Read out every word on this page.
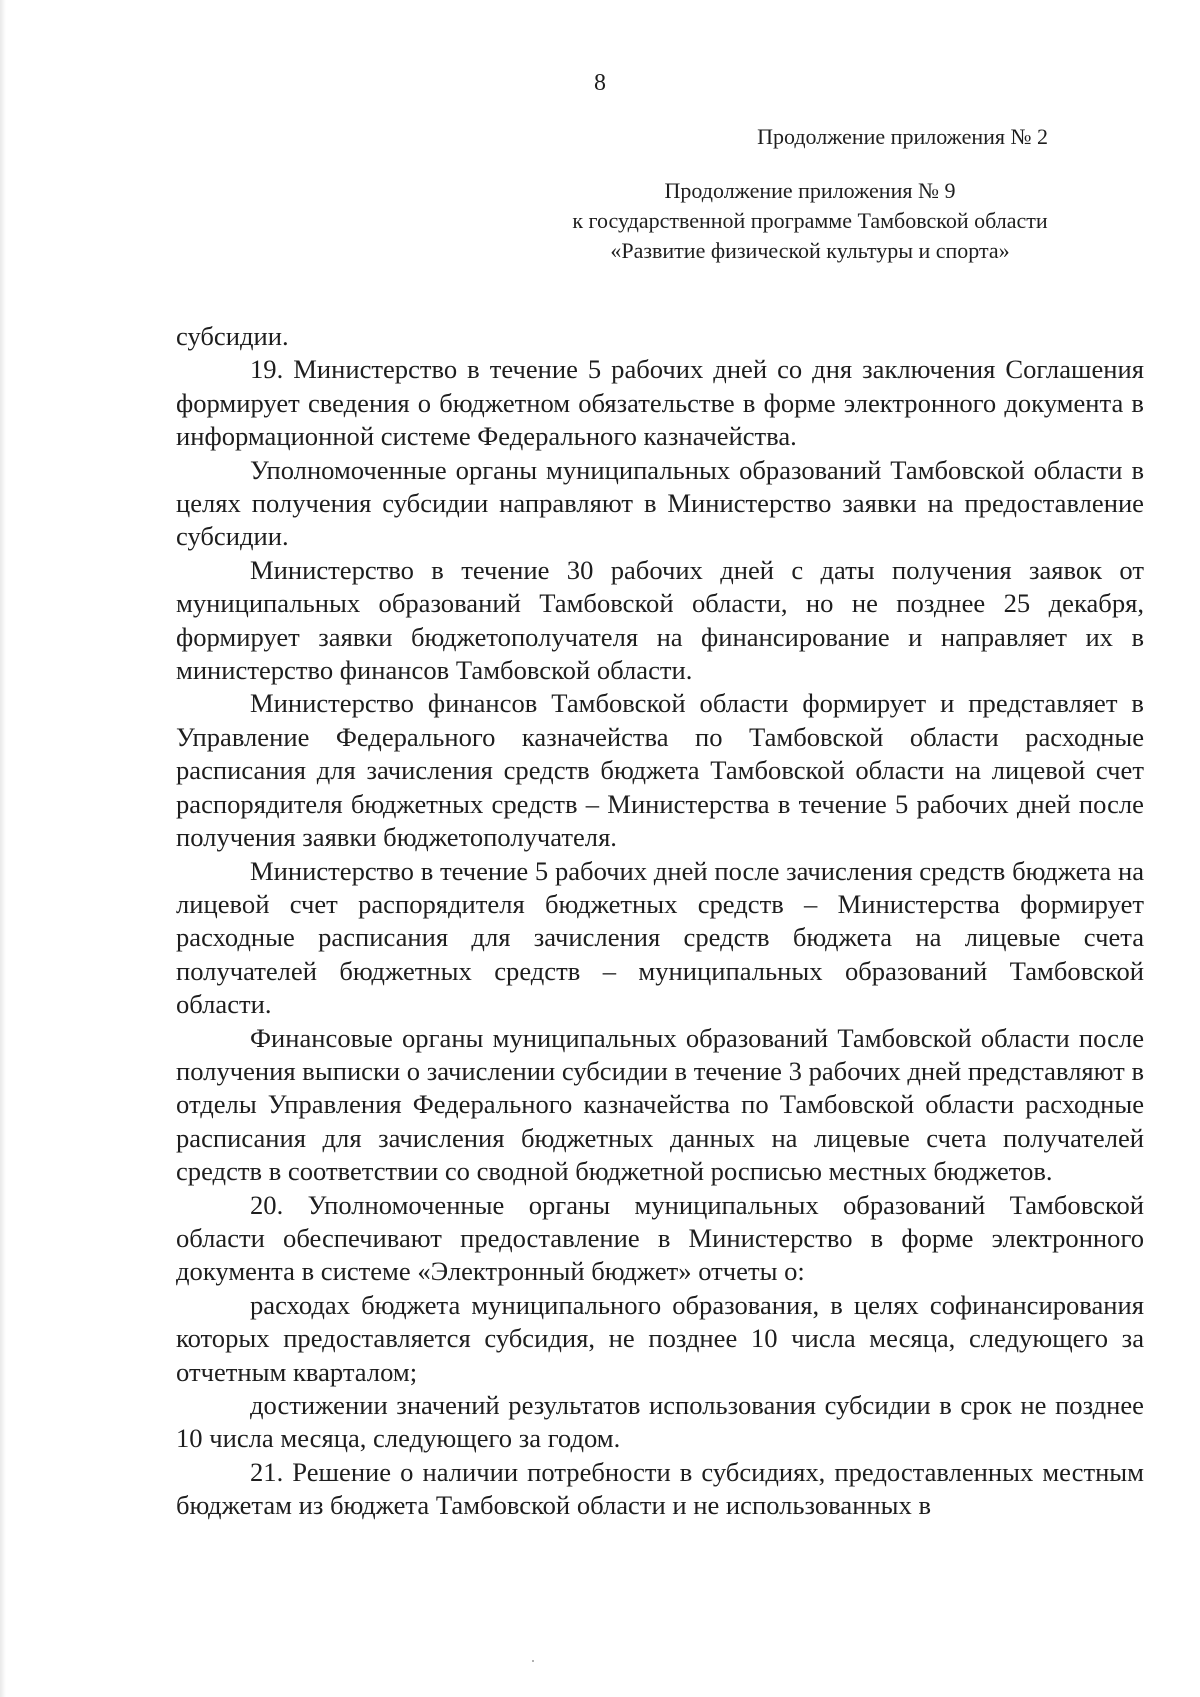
8
Продолжение приложения № 2
Продолжение приложения № 9
к государственной программе Тамбовской области
«Развитие физической культуры и спорта»

субсидии.

19. Министерство в течение 5 рабочих дней со дня заключения Соглашения формирует сведения о бюджетном обязательстве в форме электронного документа в информационной системе Федерального казначейства.

Уполномоченные органы муниципальных образований Тамбовской области в целях получения субсидии направляют в Министерство заявки на предоставление субсидии.

Министерство в течение 30 рабочих дней с даты получения заявок от муниципальных образований Тамбовской области, но не позднее 25 декабря, формирует заявки бюджетополучателя на финансирование и направляет их в министерство финансов Тамбовской области.

Министерство финансов Тамбовской области формирует и представляет в Управление Федерального казначейства по Тамбовской области расходные расписания для зачисления средств бюджета Тамбовской области на лицевой счет распорядителя бюджетных средств – Министерства в течение 5 рабочих дней после получения заявки бюджетополучателя.

Министерство в течение 5 рабочих дней после зачисления средств бюджета на лицевой счет распорядителя бюджетных средств – Министерства формирует расходные расписания для зачисления средств бюджета на лицевые счета получателей бюджетных средств – муниципальных образований Тамбовской области.

Финансовые органы муниципальных образований Тамбовской области после получения выписки о зачислении субсидии в течение 3 рабочих дней представляют в отделы Управления Федерального казначейства по Тамбовской области расходные расписания для зачисления бюджетных данных на лицевые счета получателей средств в соответствии со сводной бюджетной росписью местных бюджетов.

20. Уполномоченные органы муниципальных образований Тамбовской области обеспечивают предоставление в Министерство в форме электронного документа в системе «Электронный бюджет» отчеты о:

расходах бюджета муниципального образования, в целях софинансирования которых предоставляется субсидия, не позднее 10 числа месяца, следующего за отчетным кварталом;

достижении значений результатов использования субсидии в срок не позднее 10 числа месяца, следующего за годом.

21. Решение о наличии потребности в субсидиях, предоставленных местным бюджетам из бюджета Тамбовской области и не использованных в
